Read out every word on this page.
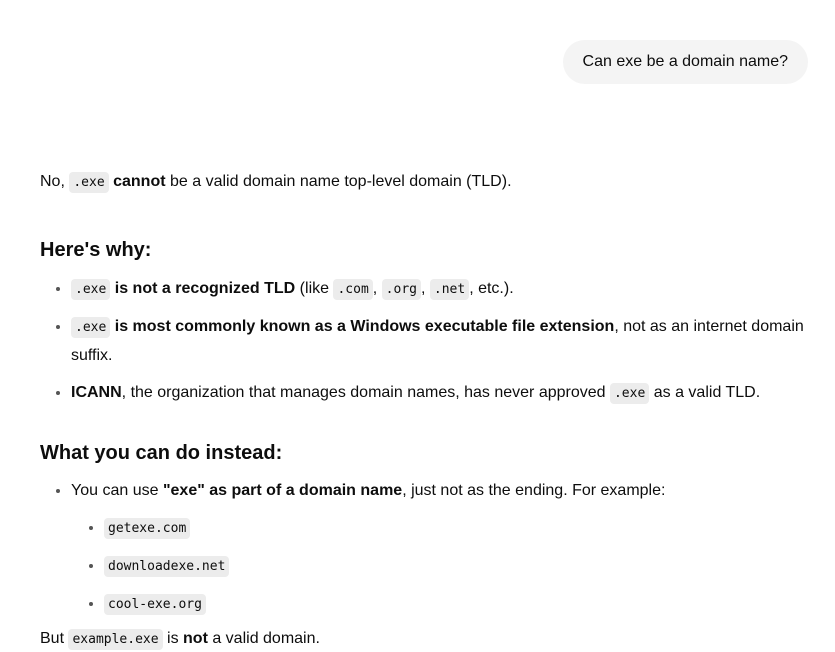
Can exe be a domain name?

No, .exe cannot be a valid domain name top-level domain (TLD).

Here's why:
• .exe is not a recognized TLD (like .com , .org , .net , etc.).
• .exe is most commonly known as a Windows executable file extension, not as an internet domain suffix.
• ICANN, the organization that manages domain names, has never approved .exe as a valid TLD.
What you can do instead:
• You can use "exe" as part of a domain name, just not as the ending. For example:
• getexe.com
• downloadexe.net
• cool-exe.org

But example.exe is not a valid domain.
